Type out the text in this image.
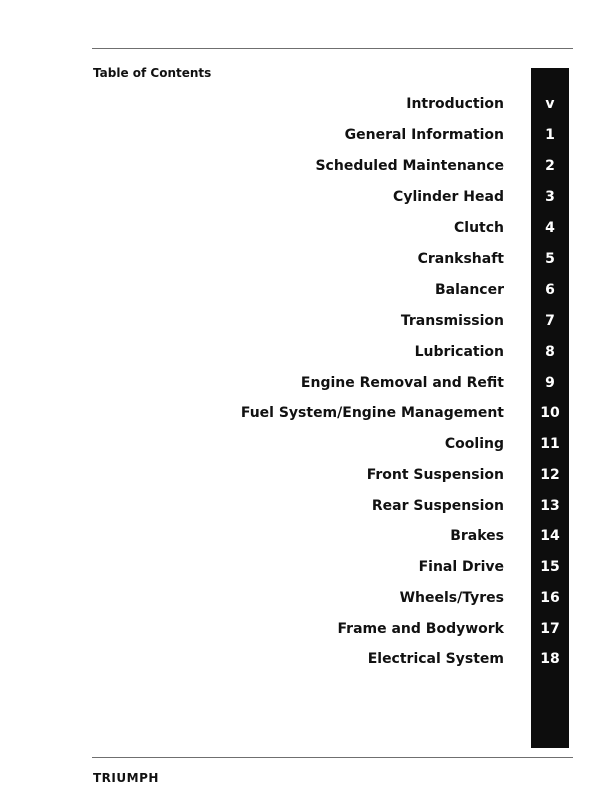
Table of Contents
Introduction	v
General Information	1
Scheduled Maintenance	2
Cylinder Head	3
Clutch	4
Crankshaft	5
Balancer	6
Transmission	7
Lubrication	8
Engine Removal and Refit	9
Fuel System/Engine Management	10
Cooling	11
Front Suspension	12
Rear Suspension	13
Brakes	14
Final Drive	15
Wheels/Tyres	16
Frame and Bodywork	17
Electrical System	18
TRIUMPH
